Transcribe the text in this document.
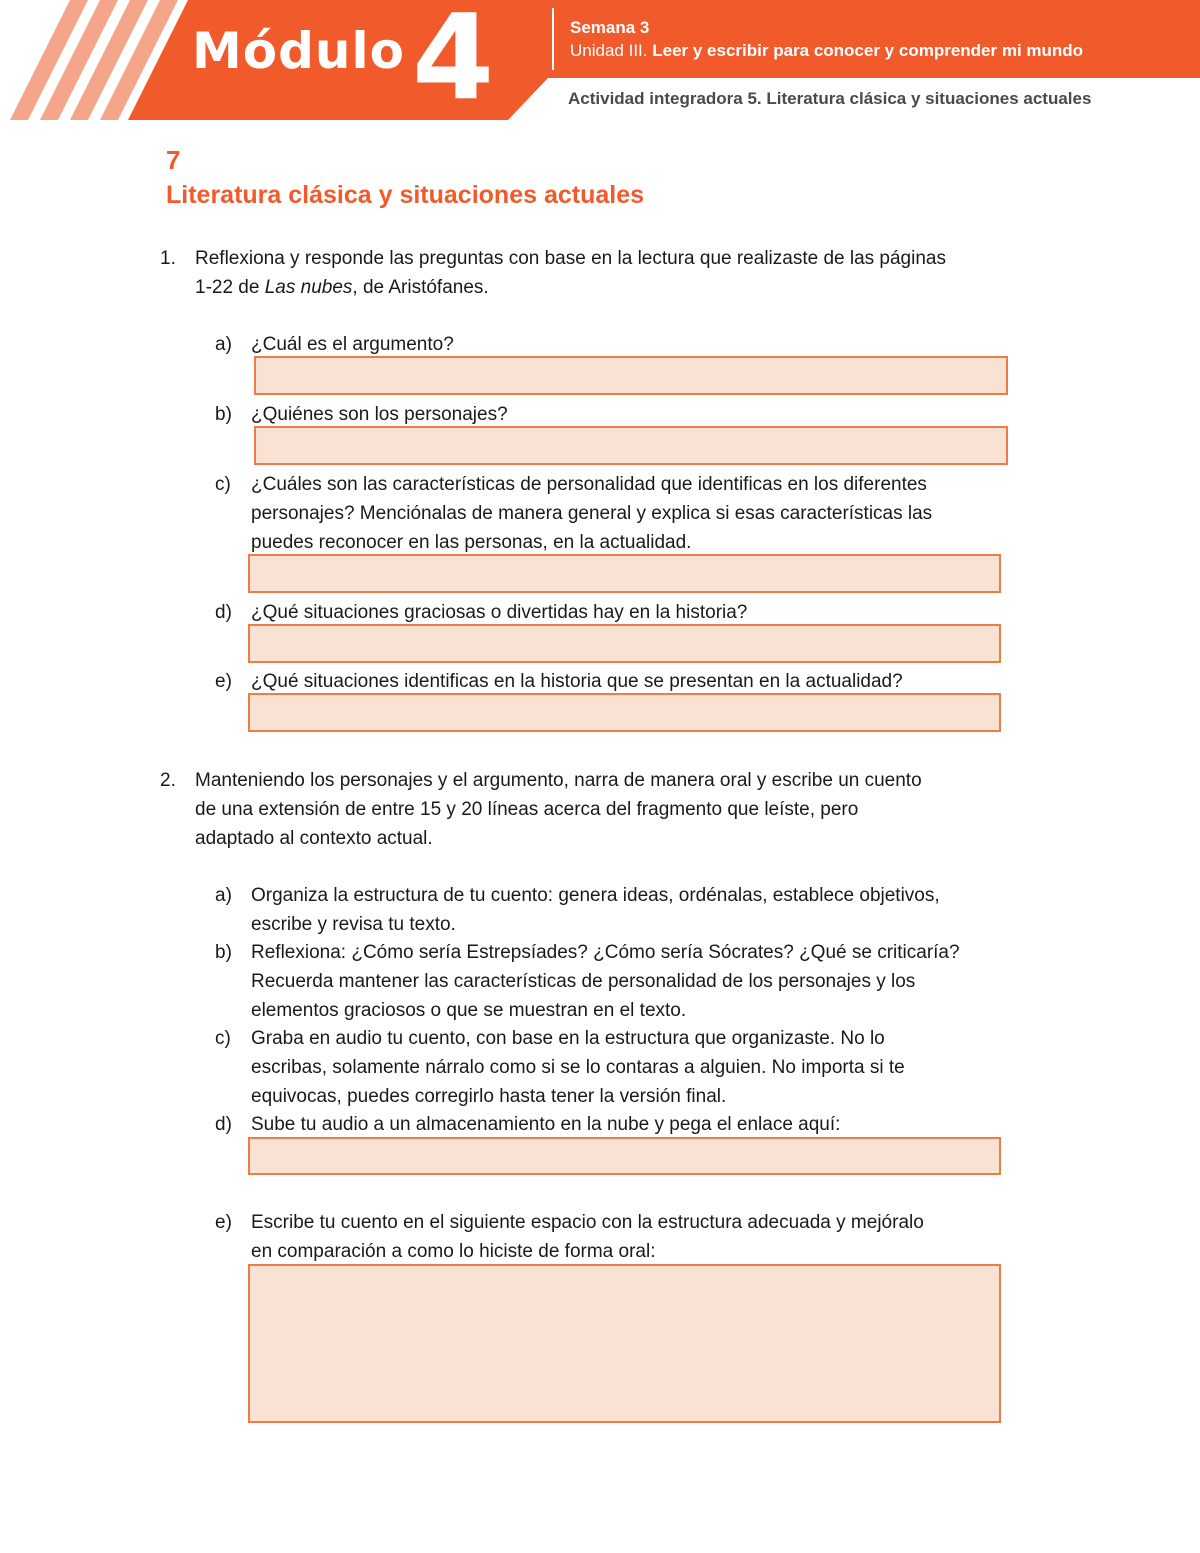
Módulo 4	Semana 3
Unidad III. Leer y escribir para conocer y comprender mi mundo
Actividad integradora 5. Literatura clásica y situaciones actuales
7
Literatura clásica y situaciones actuales
1. Reflexiona y responde las preguntas con base en la lectura que realizaste de las páginas
1-22 de Las nubes, de Aristófanes.
a) ¿Cuál es el argumento?
b) ¿Quiénes son los personajes?
c) ¿Cuáles son las características de personalidad que identificas en los diferentes
personajes? Menciónalas de manera general y explica si esas características las
puedes reconocer en las personas, en la actualidad.
d) ¿Qué situaciones graciosas o divertidas hay en la historia?
e) ¿Qué situaciones identificas en la historia que se presentan en la actualidad?
2. Manteniendo los personajes y el argumento, narra de manera oral y escribe un cuento
de una extensión de entre 15 y 20 líneas acerca del fragmento que leíste, pero
adaptado al contexto actual.
a) Organiza la estructura de tu cuento: genera ideas, ordénalas, establece objetivos,
escribe y revisa tu texto.
b) Reflexiona: ¿Cómo sería Estrepsíades? ¿Cómo sería Sócrates? ¿Qué se criticaría?
Recuerda mantener las características de personalidad de los personajes y los
elementos graciosos o que se muestran en el texto.
c) Graba en audio tu cuento, con base en la estructura que organizaste. No lo
escribas, solamente nárralo como si se lo contaras a alguien. No importa si te
equivocas, puedes corregirlo hasta tener la versión final.
d) Sube tu audio a un almacenamiento en la nube y pega el enlace aquí:
e) Escribe tu cuento en el siguiente espacio con la estructura adecuada y mejóralo
en comparación a como lo hiciste de forma oral:
